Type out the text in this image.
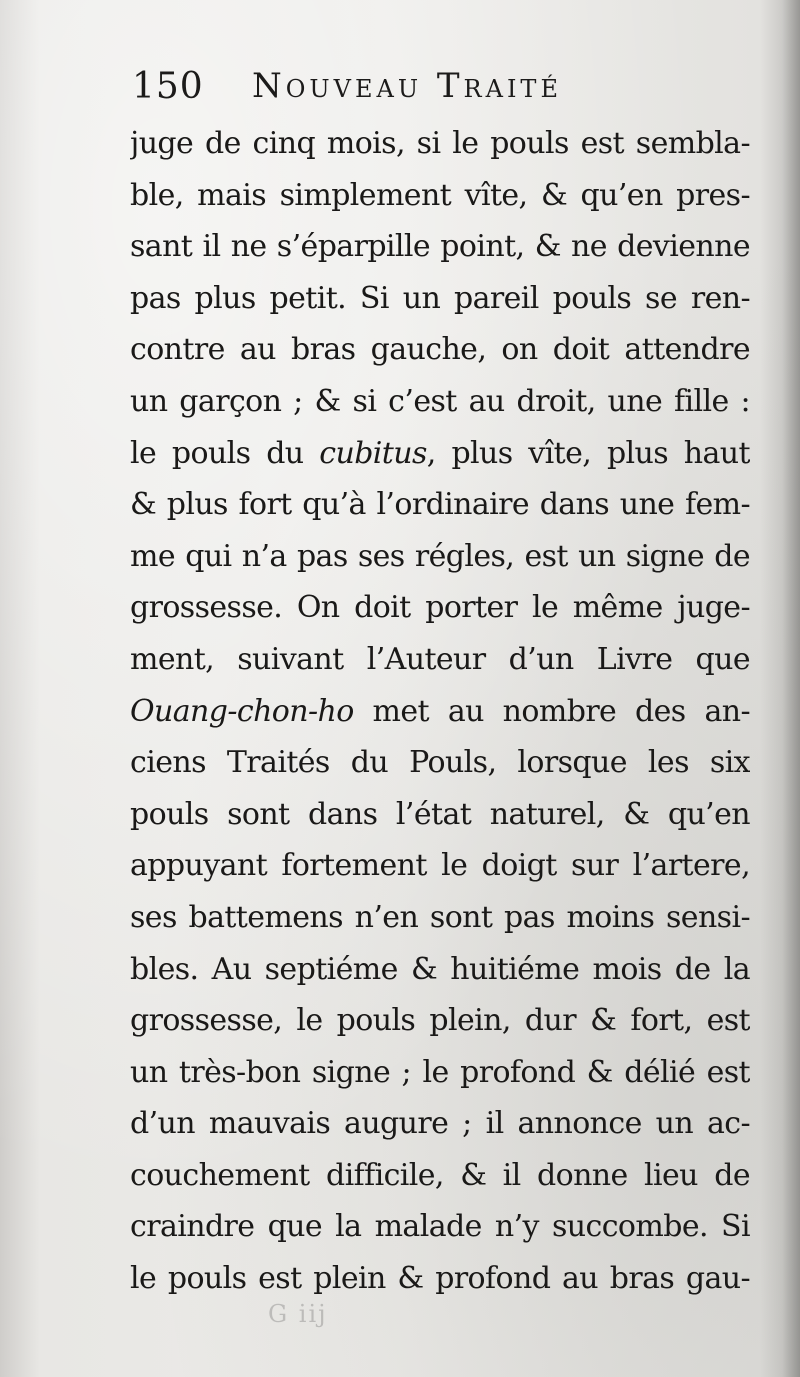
150 Nouveau Traité
juge de cinq mois, si le pouls est sembla-
ble, mais simplement vîte, & qu’en pres-
sant il ne s’éparpille point, & ne devienne
pas plus petit. Si un pareil pouls se ren-
contre au bras gauche, on doit attendre
un garçon ; & si c’est au droit, une fille :
le pouls du cubitus, plus vîte, plus haut
& plus fort qu’à l’ordinaire dans une fem-
me qui n’a pas ses régles, est un signe de
grossesse. On doit porter le même juge-
ment, suivant l’Auteur d’un Livre que
Ouang-chon-ho met au nombre des an-
ciens Traités du Pouls, lorsque les six
pouls sont dans l’état naturel, & qu’en
appuyant fortement le doigt sur l’artere,
ses battemens n’en sont pas moins sensi-
bles. Au septiéme & huitiéme mois de la
grossesse, le pouls plein, dur & fort, est
un très-bon signe ; le profond & délié est
d’un mauvais augure ; il annonce un ac-
couchement difficile, & il donne lieu de
craindre que la malade n’y succombe. Si
le pouls est plein & profond au bras gau-
G iij
